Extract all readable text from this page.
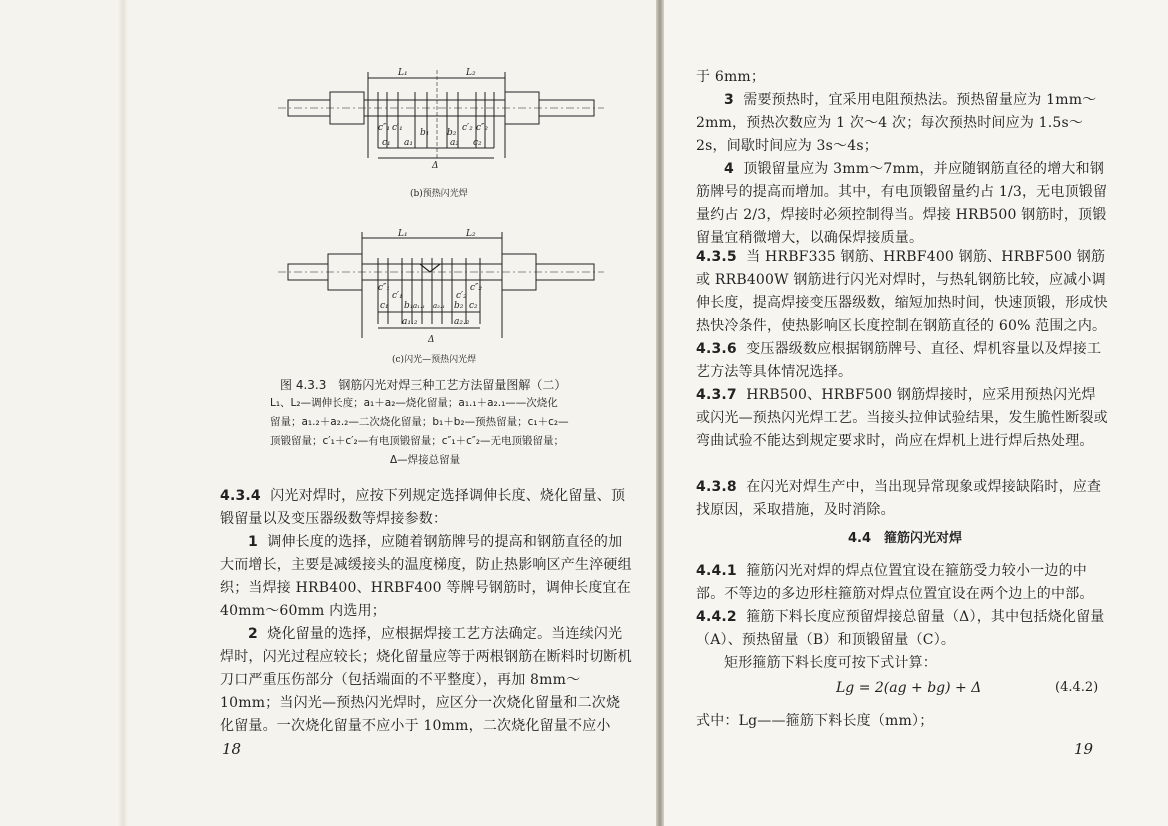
L₁	L₂
c″₁ c′₁ b₁ b₂ c′₂ c″₂
c₁ a₁	a₂ c₂
Δ
(b)预热闪光焊
L₁	L₂
c″₁
c′₁	c′₂
c″₂
c₁ b₁ a₁.₁ a₂.₁ b₂ c₂
a₁.₂	a₂.₂
Δ
(c)闪光—预热闪光焊
图 4.3.3　钢筋闪光对焊三种工艺方法留量图解（二）
L₁、L₂—调伸长度；a₁＋a₂—烧化留量；a₁.₁＋a₂.₁——次烧化
留量；a₁.₂＋a₂.₂—二次烧化留量；b₁＋b₂—预热留量；c₁＋c₂—
顶锻留量；c′₁＋c′₂—有电顶锻留量；c″₁＋c″₂—无电顶锻留量；
Δ—焊接总留量
4.3.4 闪光对焊时，应按下列规定选择调伸长度、烧化留量、顶锻留量以及变压器级数等焊接参数：
1 调伸长度的选择，应随着钢筋牌号的提高和钢筋直径的加大而增长，主要是减缓接头的温度梯度，防止热影响区产生淬硬组织；当焊接 HRB400、HRBF400 等牌号钢筋时，调伸长度宜在 40mm～60mm 内选用；
2 烧化留量的选择，应根据焊接工艺方法确定。当连续闪光焊时，闪光过程应较长；烧化留量应等于两根钢筋在断料时切断机刀口严重压伤部分（包括端面的不平整度），再加 8mm～10mm；当闪光—预热闪光焊时，应区分一次烧化留量和二次烧化留量。一次烧化留量不应小于 10mm，二次烧化留量不应小
18
于 6mm；
3 需要预热时，宜采用电阻预热法。预热留量应为 1mm～2mm，预热次数应为 1 次～4 次；每次预热时间应为 1.5s～2s，间歇时间应为 3s～4s；
4 顶锻留量应为 3mm～7mm，并应随钢筋直径的增大和钢筋牌号的提高而增加。其中，有电顶锻留量约占 1/3，无电顶锻留量约占 2/3，焊接时必须控制得当。焊接 HRB500 钢筋时，顶锻留量宜稍微增大，以确保焊接质量。
4.3.5 当 HRBF335 钢筋、HRBF400 钢筋、HRBF500 钢筋或 RRB400W 钢筋进行闪光对焊时，与热轧钢筋比较，应减小调伸长度，提高焊接变压器级数，缩短加热时间，快速顶锻，形成快热快冷条件，使热影响区长度控制在钢筋直径的 60% 范围之内。
4.3.6 变压器级数应根据钢筋牌号、直径、焊机容量以及焊接工艺方法等具体情况选择。
4.3.7 HRB500、HRBF500 钢筋焊接时，应采用预热闪光焊或闪光—预热闪光焊工艺。当接头拉伸试验结果，发生脆性断裂或弯曲试验不能达到规定要求时，尚应在焊机上进行焊后热处理。
4.3.8 在闪光对焊生产中，当出现异常现象或焊接缺陷时，应查找原因，采取措施，及时消除。
4.4　箍筋闪光对焊
4.4.1 箍筋闪光对焊的焊点位置宜设在箍筋受力较小一边的中部。不等边的多边形柱箍筋对焊点位置宜设在两个边上的中部。
4.4.2 箍筋下料长度应预留焊接总留量（Δ），其中包括烧化留量（A）、预热留量（B）和顶锻留量（C）。
矩形箍筋下料长度可按下式计算：
Lg = 2(ag + bg) + Δ	(4.4.2)
式中：Lg——箍筋下料长度（mm）；
19
